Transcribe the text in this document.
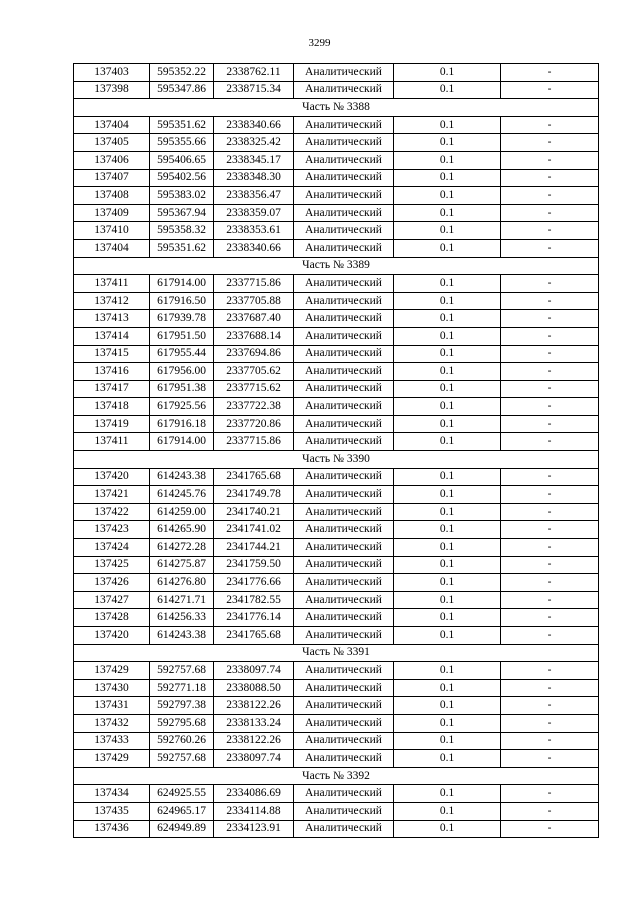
3299
137403	595352.22	2338762.11	Аналитический	0.1	-
137398	595347.86	2338715.34	Аналитический	0.1	-
Часть № 3388					
137404	595351.62	2338340.66	Аналитический	0.1	-
137405	595355.66	2338325.42	Аналитический	0.1	-
137406	595406.65	2338345.17	Аналитический	0.1	-
137407	595402.56	2338348.30	Аналитический	0.1	-
137408	595383.02	2338356.47	Аналитический	0.1	-
137409	595367.94	2338359.07	Аналитический	0.1	-
137410	595358.32	2338353.61	Аналитический	0.1	-
137404	595351.62	2338340.66	Аналитический	0.1	-
Часть № 3389					
137411	617914.00	2337715.86	Аналитический	0.1	-
137412	617916.50	2337705.88	Аналитический	0.1	-
137413	617939.78	2337687.40	Аналитический	0.1	-
137414	617951.50	2337688.14	Аналитический	0.1	-
137415	617955.44	2337694.86	Аналитический	0.1	-
137416	617956.00	2337705.62	Аналитический	0.1	-
137417	617951.38	2337715.62	Аналитический	0.1	-
137418	617925.56	2337722.38	Аналитический	0.1	-
137419	617916.18	2337720.86	Аналитический	0.1	-
137411	617914.00	2337715.86	Аналитический	0.1	-
Часть № 3390					
137420	614243.38	2341765.68	Аналитический	0.1	-
137421	614245.76	2341749.78	Аналитический	0.1	-
137422	614259.00	2341740.21	Аналитический	0.1	-
137423	614265.90	2341741.02	Аналитический	0.1	-
137424	614272.28	2341744.21	Аналитический	0.1	-
137425	614275.87	2341759.50	Аналитический	0.1	-
137426	614276.80	2341776.66	Аналитический	0.1	-
137427	614271.71	2341782.55	Аналитический	0.1	-
137428	614256.33	2341776.14	Аналитический	0.1	-
137420	614243.38	2341765.68	Аналитический	0.1	-
Часть № 3391					
137429	592757.68	2338097.74	Аналитический	0.1	-
137430	592771.18	2338088.50	Аналитический	0.1	-
137431	592797.38	2338122.26	Аналитический	0.1	-
137432	592795.68	2338133.24	Аналитический	0.1	-
137433	592760.26	2338122.26	Аналитический	0.1	-
137429	592757.68	2338097.74	Аналитический	0.1	-
Часть № 3392					
137434	624925.55	2334086.69	Аналитический	0.1	-
137435	624965.17	2334114.88	Аналитический	0.1	-
137436	624949.89	2334123.91	Аналитический	0.1	-
